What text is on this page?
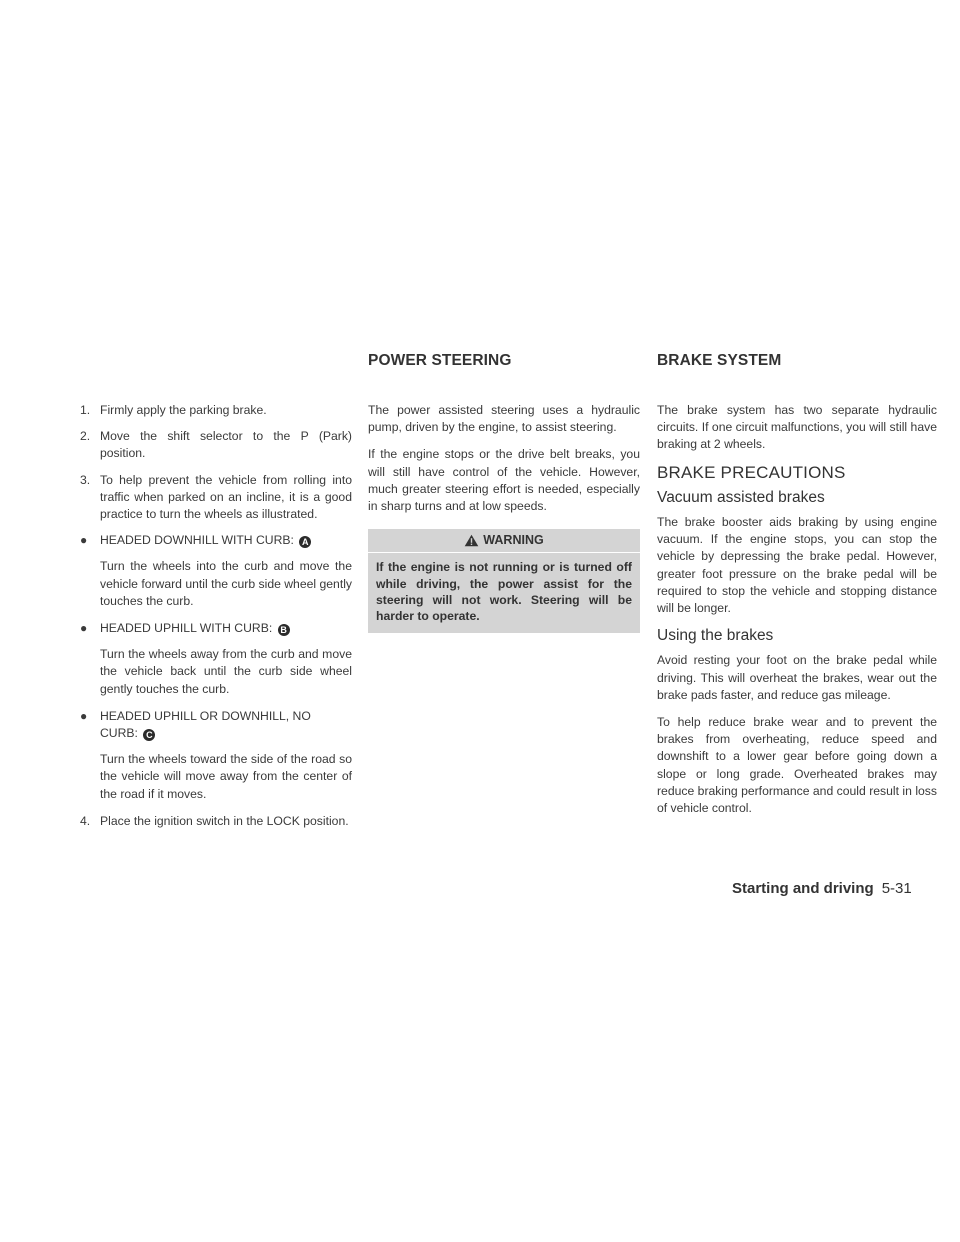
POWER STEERING	BRAKE SYSTEM
1. Firmly apply the parking brake.
2. Move the shift selector to the P (Park) position.
3. To help prevent the vehicle from rolling into traffic when parked on an incline, it is a good practice to turn the wheels as illustrated.
● HEADED DOWNHILL WITH CURB: A

Turn the wheels into the curb and move the vehicle forward until the curb side wheel gently touches the curb.

● HEADED UPHILL WITH CURB: B

Turn the wheels away from the curb and move the vehicle back until the curb side wheel gently touches the curb.

● HEADED UPHILL OR DOWNHILL, NO CURB: C

Turn the wheels toward the side of the road so the vehicle will move away from the center of the road if it moves.

4. Place the ignition switch in the LOCK position.

The power assisted steering uses a hydraulic pump, driven by the engine, to assist steering.

If the engine stops or the drive belt breaks, you will still have control of the vehicle. However, much greater steering effort is needed, especially in sharp turns and at low speeds.

WARNING
If the engine is not running or is turned off while driving, the power assist for the steering will not work. Steering will be harder to operate.

The brake system has two separate hydraulic circuits. If one circuit malfunctions, you will still have braking at 2 wheels.

BRAKE PRECAUTIONS
Vacuum assisted brakes

The brake booster aids braking by using engine vacuum. If the engine stops, you can stop the vehicle by depressing the brake pedal. However, greater foot pressure on the brake pedal will be required to stop the vehicle and stopping distance will be longer.

Using the brakes

Avoid resting your foot on the brake pedal while driving. This will overheat the brakes, wear out the brake pads faster, and reduce gas mileage.

To help reduce brake wear and to prevent the brakes from overheating, reduce speed and downshift to a lower gear before going down a slope or long grade. Overheated brakes may reduce braking performance and could result in loss of vehicle control.

Starting and driving 5-31
